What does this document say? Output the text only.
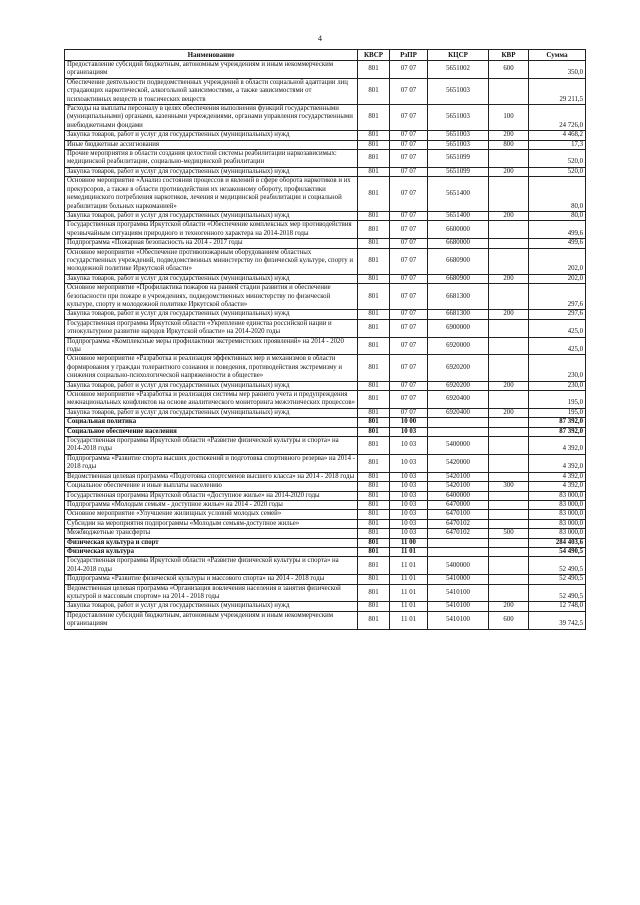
4
Наименование	КВСР	РзПР	КЦСР	КВР	Сумма
Предоставление субсидий бюджетным, автономным учреждениям и иным некоммерческим организациям	801	07 07	5651002	600	350,0
Обеспечение деятельности подведомственных учреждений в области социальной адаптации лиц страдающих наркотической, алкогольной зависимостями, а также зависимостями от психоактивных веществ и токсических веществ	801	07 07	5651003		29 211,5
Расходы на выплаты персоналу в целях обеспечения выполнения функций государственными (муниципальными) органами, казенными учреждениями, органами управления государственными внебюджетными фондами	801	07 07	5651003	100	24 726,0
Закупка товаров, работ и услуг для государственных (муниципальных) нужд	801	07 07	5651003	200	4 468,2
Иные бюджетные ассигнования	801	07 07	5651003	800	17,3
Прочие мероприятия в области создания целостной системы реабилитации наркозависимых: медицинской реабилитации, социально-медицинской реабилитации	801	07 07	5651099		520,0
Закупка товаров, работ и услуг для государственных (муниципальных) нужд	801	07 07	5651099	200	520,0
Основное мероприятие «Анализ состояния процессов и явлений в сфере оборота наркотиков и их прекурсоров, а также в области противодействия их незаконному обороту, профилактики немедицинского потребления наркотиков, лечения и медицинской реабилитации и социальной реабилитации больных наркоманией»	801	07 07	5651400		80,0
Закупка товаров, работ и услуг для государственных (муниципальных) нужд	801	07 07	5651400	200	80,0
Государственная программа Иркутской области «Обеспечение комплексных мер противодействия чрезвычайным ситуациям природного и техногенного характера на 2014-2018 годы	801	07 07	6600000		499,6
Подпрограмма «Пожарная безопасность на 2014 - 2017 годы	801	07 07	6680000		499,6
Основное мероприятие «Обеспечение противопожарным оборудованием областных государственных учреждений, подведомственных министерству по физической культуре, спорту и молодежной политике Иркутской области»	801	07 07	6680900		202,0
Закупка товаров, работ и услуг для государственных (муниципальных) нужд	801	07 07	6680900	200	202,0
Основное мероприятие «Профилактика пожаров на ранней стадии развития и обеспечение безопасности при пожаре в учреждениях, подведомственных министерству по физической культуре, спорту и молодежной политике Иркутской области»	801	07 07	6681300		297,6
Закупка товаров, работ и услуг для государственных (муниципальных) нужд	801	07 07	6681300	200	297,6
Государственная программа Иркутской области «Укрепление единства российской нации и этнокультурное развитие народов Иркутской области» на 2014-2020 годы	801	07 07	6900000		425,0
Подпрограмма «Комплексные меры профилактики экстремистских проявлений» на 2014 - 2020 годы	801	07 07	6920000		425,0
Основное мероприятие «Разработка и реализация эффективных мер и механизмов в области формирования у граждан толерантного сознания и поведения, противодействия экстремизму и снижения социально-психологической напряженности в обществе»	801	07 07	6920200		230,0
Закупка товаров, работ и услуг для государственных (муниципальных) нужд	801	07 07	6920200	200	230,0
Основное мероприятие «Разработка и реализация системы мер раннего учета и предупреждения межнациональных конфликтов на основе аналитического мониторинга межэтнических процессов»	801	07 07	6920400		195,0
Закупка товаров, работ и услуг для государственных (муниципальных) нужд	801	07 07	6920400	200	195,0
Социальная политика	801	10 00			87 392,0
Социальное обеспечение населения	801	10 03			87 392,0
Государственная программа Иркутской области «Развитие физической культуры и спорта» на 2014-2018 годы	801	10 03	5400000		4 392,0
Подпрограмма «Развитие спорта высших достижений и подготовка спортивного резерва» на 2014 - 2018 годы	801	10 03	5420000		4 392,0
Ведомственная целевая программа «Подготовка спортсменов высшего класса» на 2014 - 2018 годы	801	10 03	5420100		4 392,0
Социальное обеспечение и иные выплаты населению	801	10 03	5420100	300	4 392,0
Государственная программа Иркутской области «Доступное жилье» на 2014-2020 годы	801	10 03	6400000		83 000,0
Подпрограмма «Молодым семьям - доступное жилье» на 2014 - 2020 годы	801	10 03	6470000		83 000,0
Основное мероприятие «Улучшение жилищных условий молодых семей»	801	10 03	6470100		83 000,0
Субсидии на мероприятия подпрограммы «Молодым семьям-доступное жилье»	801	10 03	6470102		83 000,0
Межбюджетные трансферты	801	10 03	6470102	500	83 000,0
Физическая культура и спорт	801	11 00			284 403,6
Физическая культура	801	11 01			54 490,5
Государственная программа Иркутской области «Развитие физической культуры и спорта» на 2014-2018 годы	801	11 01	5400000		52 490,5
Подпрограмма «Развитие физической культуры и массового спорта» на 2014 - 2018 годы	801	11 01	5410000		52 490,5
Ведомственная целевая программа «Организация вовлечения населения в занятия физической культурой и массовым спортом» на 2014 - 2018 годы	801	11 01	5410100		52 490,5
Закупка товаров, работ и услуг для государственных (муниципальных) нужд	801	11 01	5410100	200	12 748,0
Предоставление субсидий бюджетным, автономным учреждениям и иным некоммерческим организациям	801	11 01	5410100	600	39 742,5
